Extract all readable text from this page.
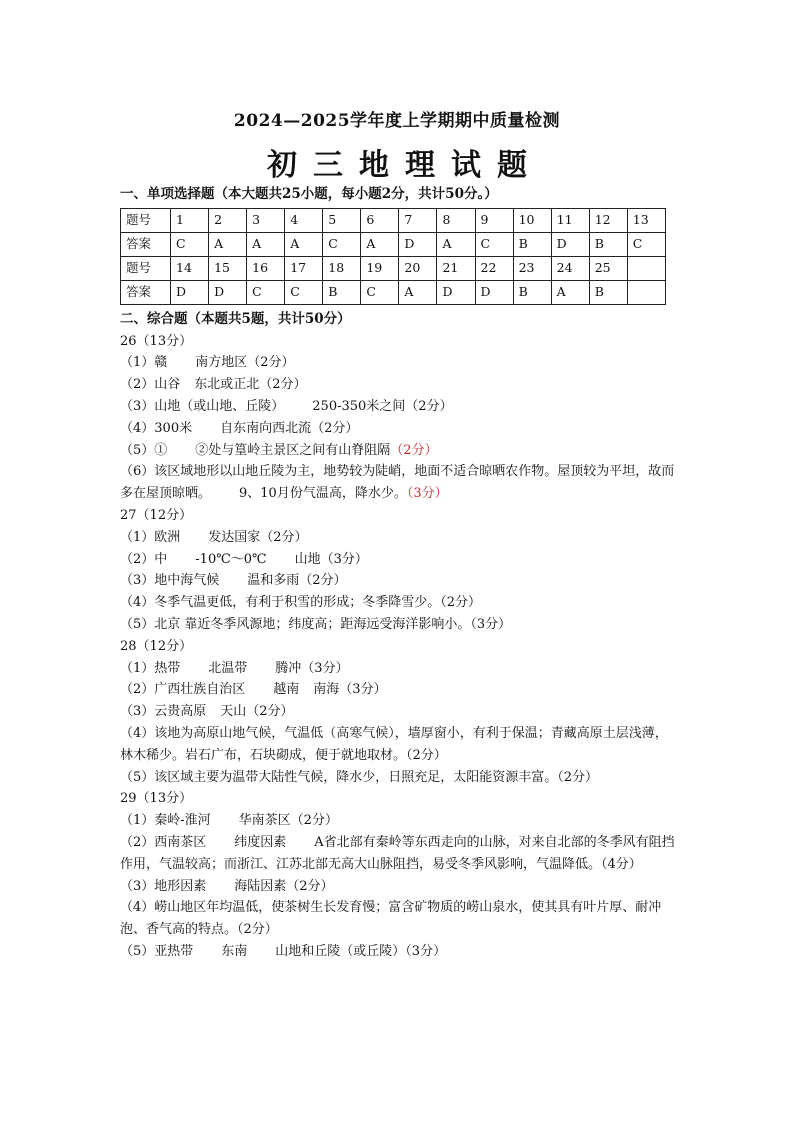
2024—2025学年度上学期期中质量检测
初三地理试题
一、单项选择题（本大题共25小题，每小题2分，共计50分。）
题号	1	2	3	4	5	6	7	8	9	10	11	12	13
答案	C	A	A	A	C	A	D	A	C	B	D	B	C
题号	14	15	16	17	18	19	20	21	22	23	24	25	
答案	D	D	C	C	B	C	A	D	D	B	A	B	
二、综合题（本题共5题，共计50分）
26（13分）
（1）赣 南方地区（2分）
（2）山谷 东北或正北（2分）
（3）山地（或山地、丘陵） 250-350米之间（2分）
（4）300米 自东南向西北流（2分）
（5）① ②处与篁岭主景区之间有山脊阻隔（2分）
（6）该区域地形以山地丘陵为主，地势较为陡峭，地面不适合晾晒农作物。屋顶较为平坦，故而多在屋顶晾晒。 9、10月份气温高，降水少。（3分）
27（12分）
（1）欧洲 发达国家（2分）
（2）中 -10℃～0℃ 山地（3分）
（3）地中海气候 温和多雨（2分）
（4）冬季气温更低，有利于积雪的形成；冬季降雪少。（2分）
（5）北京 靠近冬季风源地；纬度高；距海远受海洋影响小。（3分）
28（12分）
（1）热带 北温带 腾冲（3分）
（2）广西壮族自治区 越南 南海（3分）
（3）云贵高原 天山（2分）
（4）该地为高原山地气候，气温低（高寒气候），墙厚窗小，有利于保温；青藏高原土层浅薄，林木稀少。岩石广布，石块砌成，便于就地取材。（2分）
（5）该区域主要为温带大陆性气候，降水少，日照充足，太阳能资源丰富。（2分）
29（13分）
（1）秦岭-淮河 华南茶区（2分）
（2）西南茶区 纬度因素 A省北部有秦岭等东西走向的山脉，对来自北部的冬季风有阻挡作用，气温较高；而浙江、江苏北部无高大山脉阻挡，易受冬季风影响，气温降低。（4分）
（3）地形因素 海陆因素（2分）
（4）崂山地区年均温低，使茶树生长发育慢；富含矿物质的崂山泉水，使其具有叶片厚、耐冲泡、香气高的特点。（2分）
（5）亚热带 东南 山地和丘陵（或丘陵）（3分）
